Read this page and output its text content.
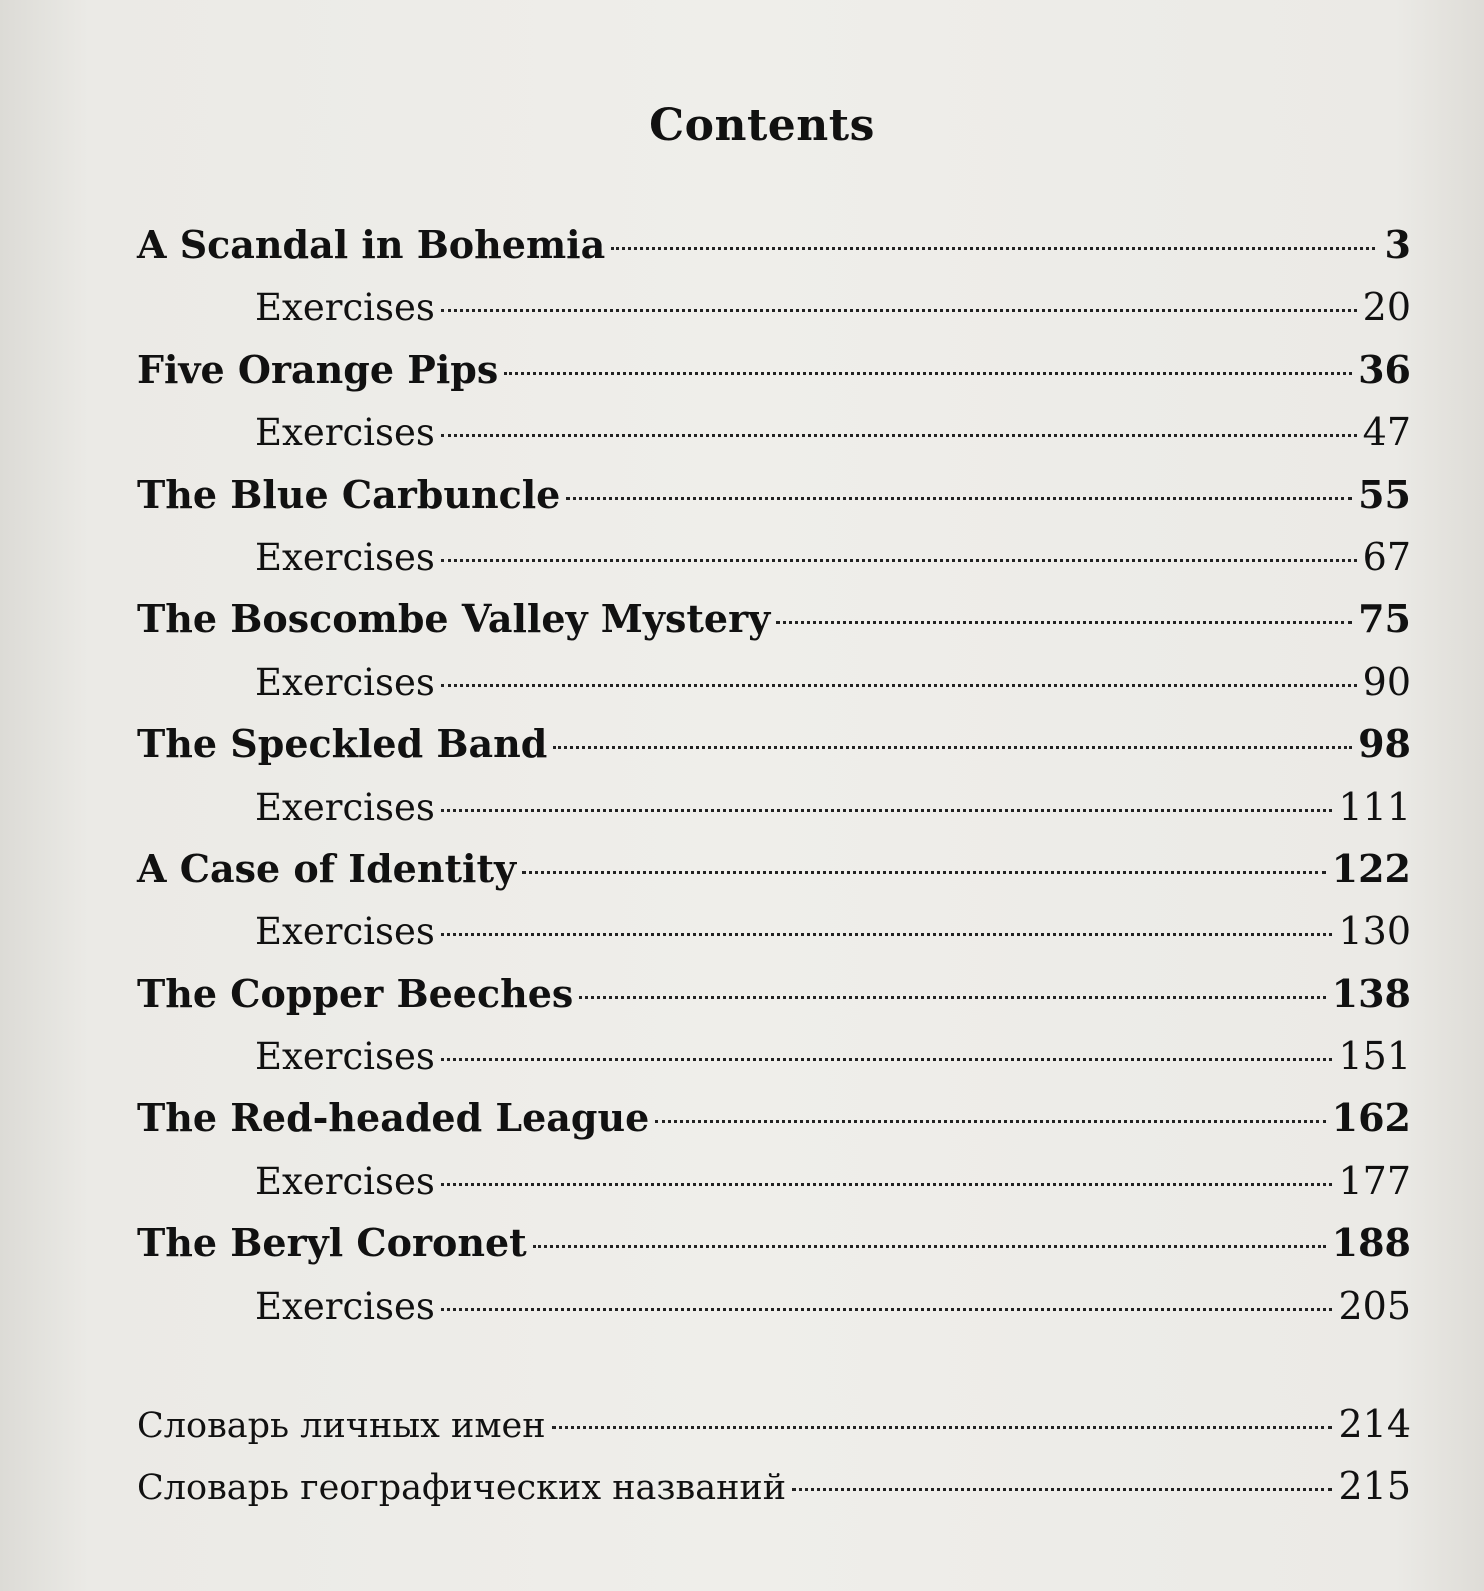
Contents
A Scandal in Bohemia	3
Exercises	20
Five Orange Pips	36
Exercises	47
The Blue Carbuncle	55
Exercises	67
The Boscombe Valley Mystery	75
Exercises	90
The Speckled Band	98
Exercises	111
A Case of Identity	122
Exercises	130
The Copper Beeches	138
Exercises	151
The Red-headed League	162
Exercises	177
The Beryl Coronet	188
Exercises	205
Словарь личных имен	214
Словарь географических названий	215
